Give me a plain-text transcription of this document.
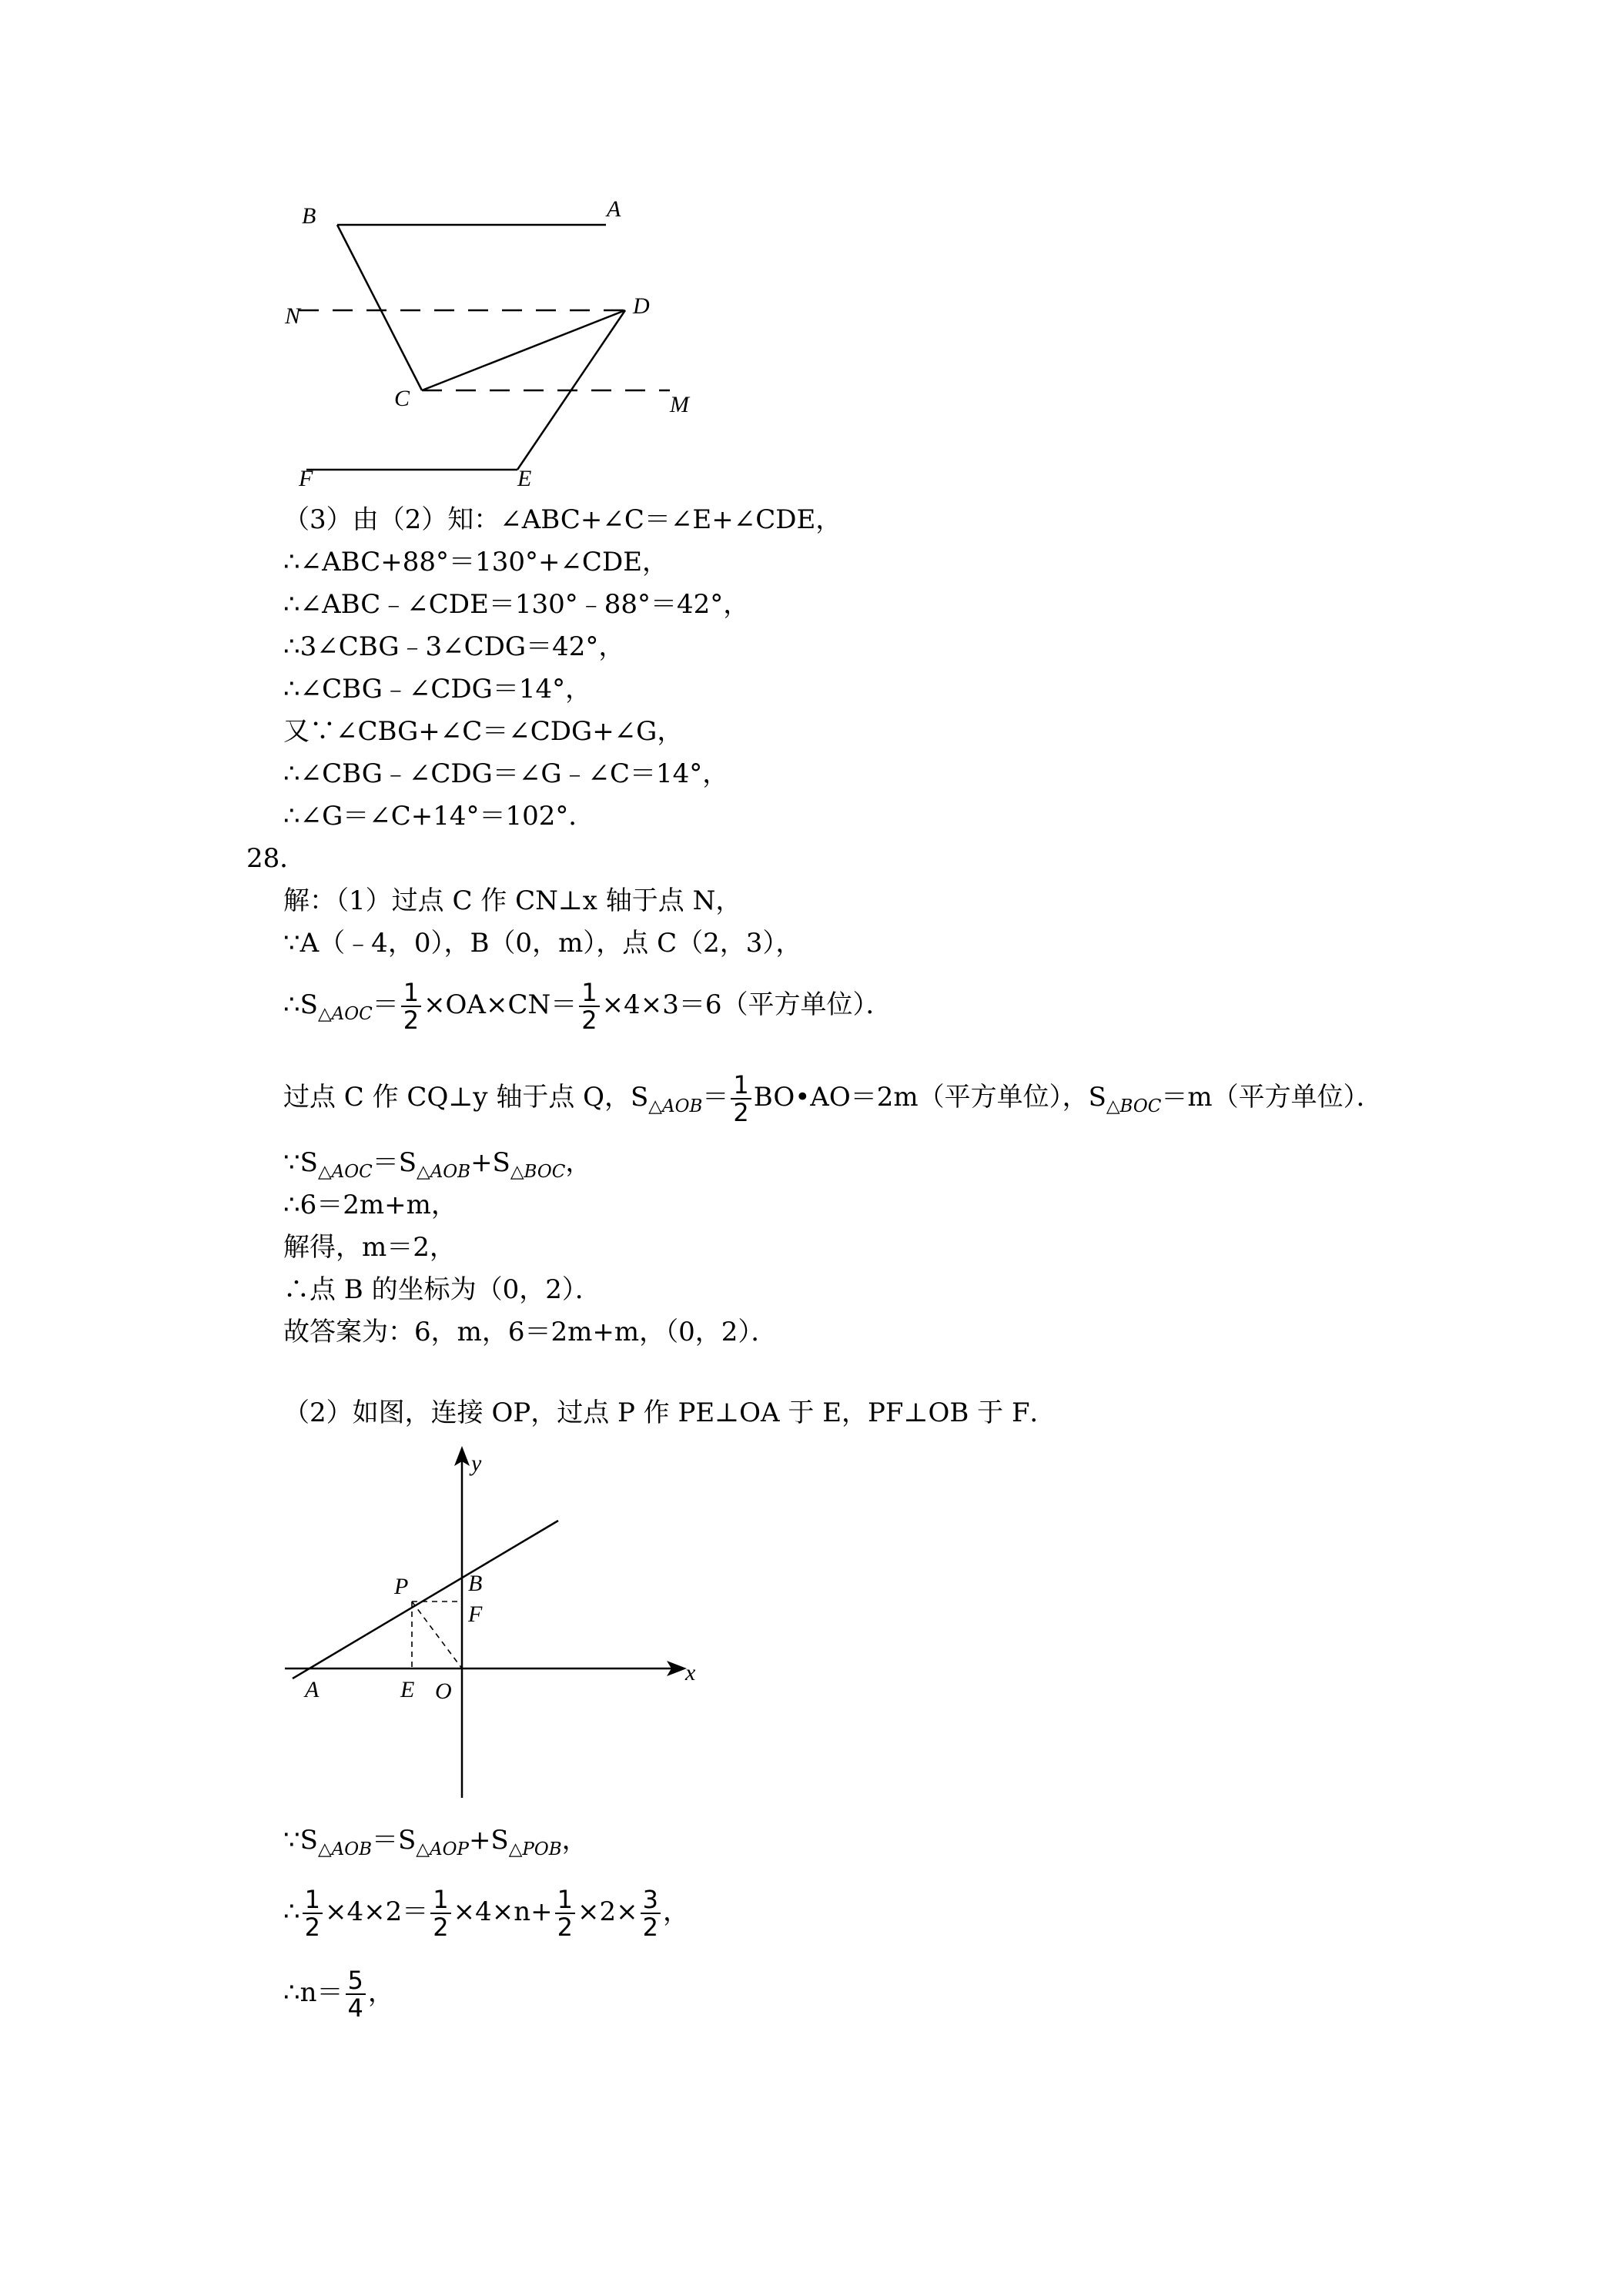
B	A
N	D
C	M
F	E
（3）由（2）知：∠ABC+∠C＝∠E+∠CDE，
∴∠ABC+88°＝130°+∠CDE，
∴∠ABC﹣∠CDE＝130°﹣88°＝42°，
∴3∠CBG﹣3∠CDG＝42°，
∴∠CBG﹣∠CDG＝14°，
又∵∠CBG+∠C＝∠CDG+∠G，
∴∠CBG﹣∠CDG＝∠G﹣∠C＝14°，
∴∠G＝∠C+14°＝102°．
28．
解：（1）过点 C 作 CN⊥x 轴于点 N，
∵A（﹣4，0），B（0，m），点 C（2，3），
$\therefore S_{\triangle AOC}= \frac{1}{2} \times OA\times CN= \frac{1}{2} \times 4\times 3=6$（平方单位）．
过点 C 作 CQ⊥y 轴于点 Q，$S_{\triangle AOB}= \frac{1}{2}$ BO•AO＝2m（平方单位），$S_{\triangle BOC}=m$（平方单位）．
$\because S_{\triangle AOC}=S_{\triangle AOB}+S_{\triangle BOC}$，
∴6＝2m+m，
解得，m＝2，
∴点 B 的坐标为（0，2）．
故答案为：6，m，6＝2m+m，（0，2）．
（2）如图，连接 OP，过点 P 作 PE⊥OA 于 E，PF⊥OB 于 F．
y
x
P	B
F
A	E O
$\because S_{\triangle AOB}=S_{\triangle AOP}+S_{\triangle POB}$，
∴ $\frac{1}{2} \times 4\times 2= \frac{1}{2} \times 4\times n+ \frac{1}{2} \times 2\times \frac{3}{2}$ ，
∴n＝ $\frac{5}{4}$ ，
